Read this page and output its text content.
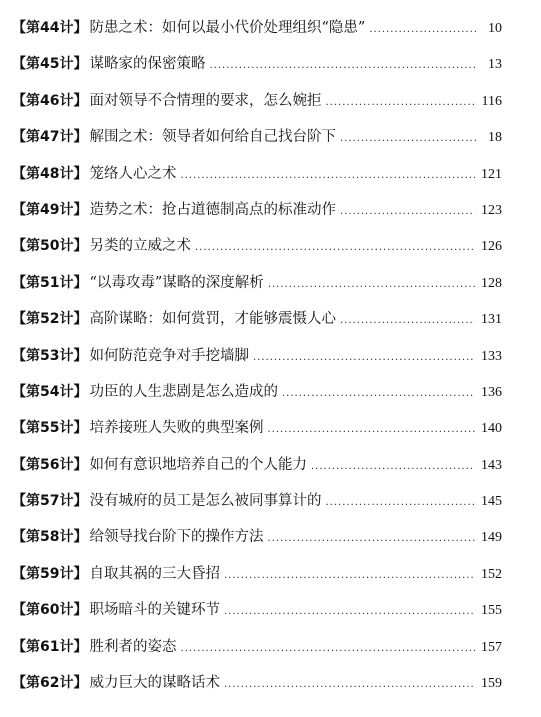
【第44计】 防患之术：如何以最小代价处理组织“隐患” .....	10
【第45计】 谋略家的保密策略 .....	13
【第46计】 面对领导不合情理的要求，怎么婉拒 .....	116
【第47计】 解围之术：领导者如何给自己找台阶下 .....	18
【第48计】 笼络人心之术 .....	121
【第49计】 造势之术：抢占道德制高点的标准动作 .....	123
【第50计】 另类的立威之术 .....	126
【第51计】 “以毒攻毒”谋略的深度解析 .....	128
【第52计】 高阶谋略：如何赏罚，才能够震慑人心 .....	131
【第53计】 如何防范竞争对手挖墙脚 .....	133
【第54计】 功臣的人生悲剧是怎么造成的 .....	136
【第55计】 培养接班人失败的典型案例 .....	140
【第56计】 如何有意识地培养自己的个人能力 .....	143
【第57计】 没有城府的员工是怎么被同事算计的 .....	145
【第58计】 给领导找台阶下的操作方法 .....	149
【第59计】 自取其祸的三大昏招 .....	152
【第60计】 职场暗斗的关键环节 .....	155
【第61计】 胜利者的姿态 .....	157
【第62计】 威力巨大的谋略话术 .....	159
